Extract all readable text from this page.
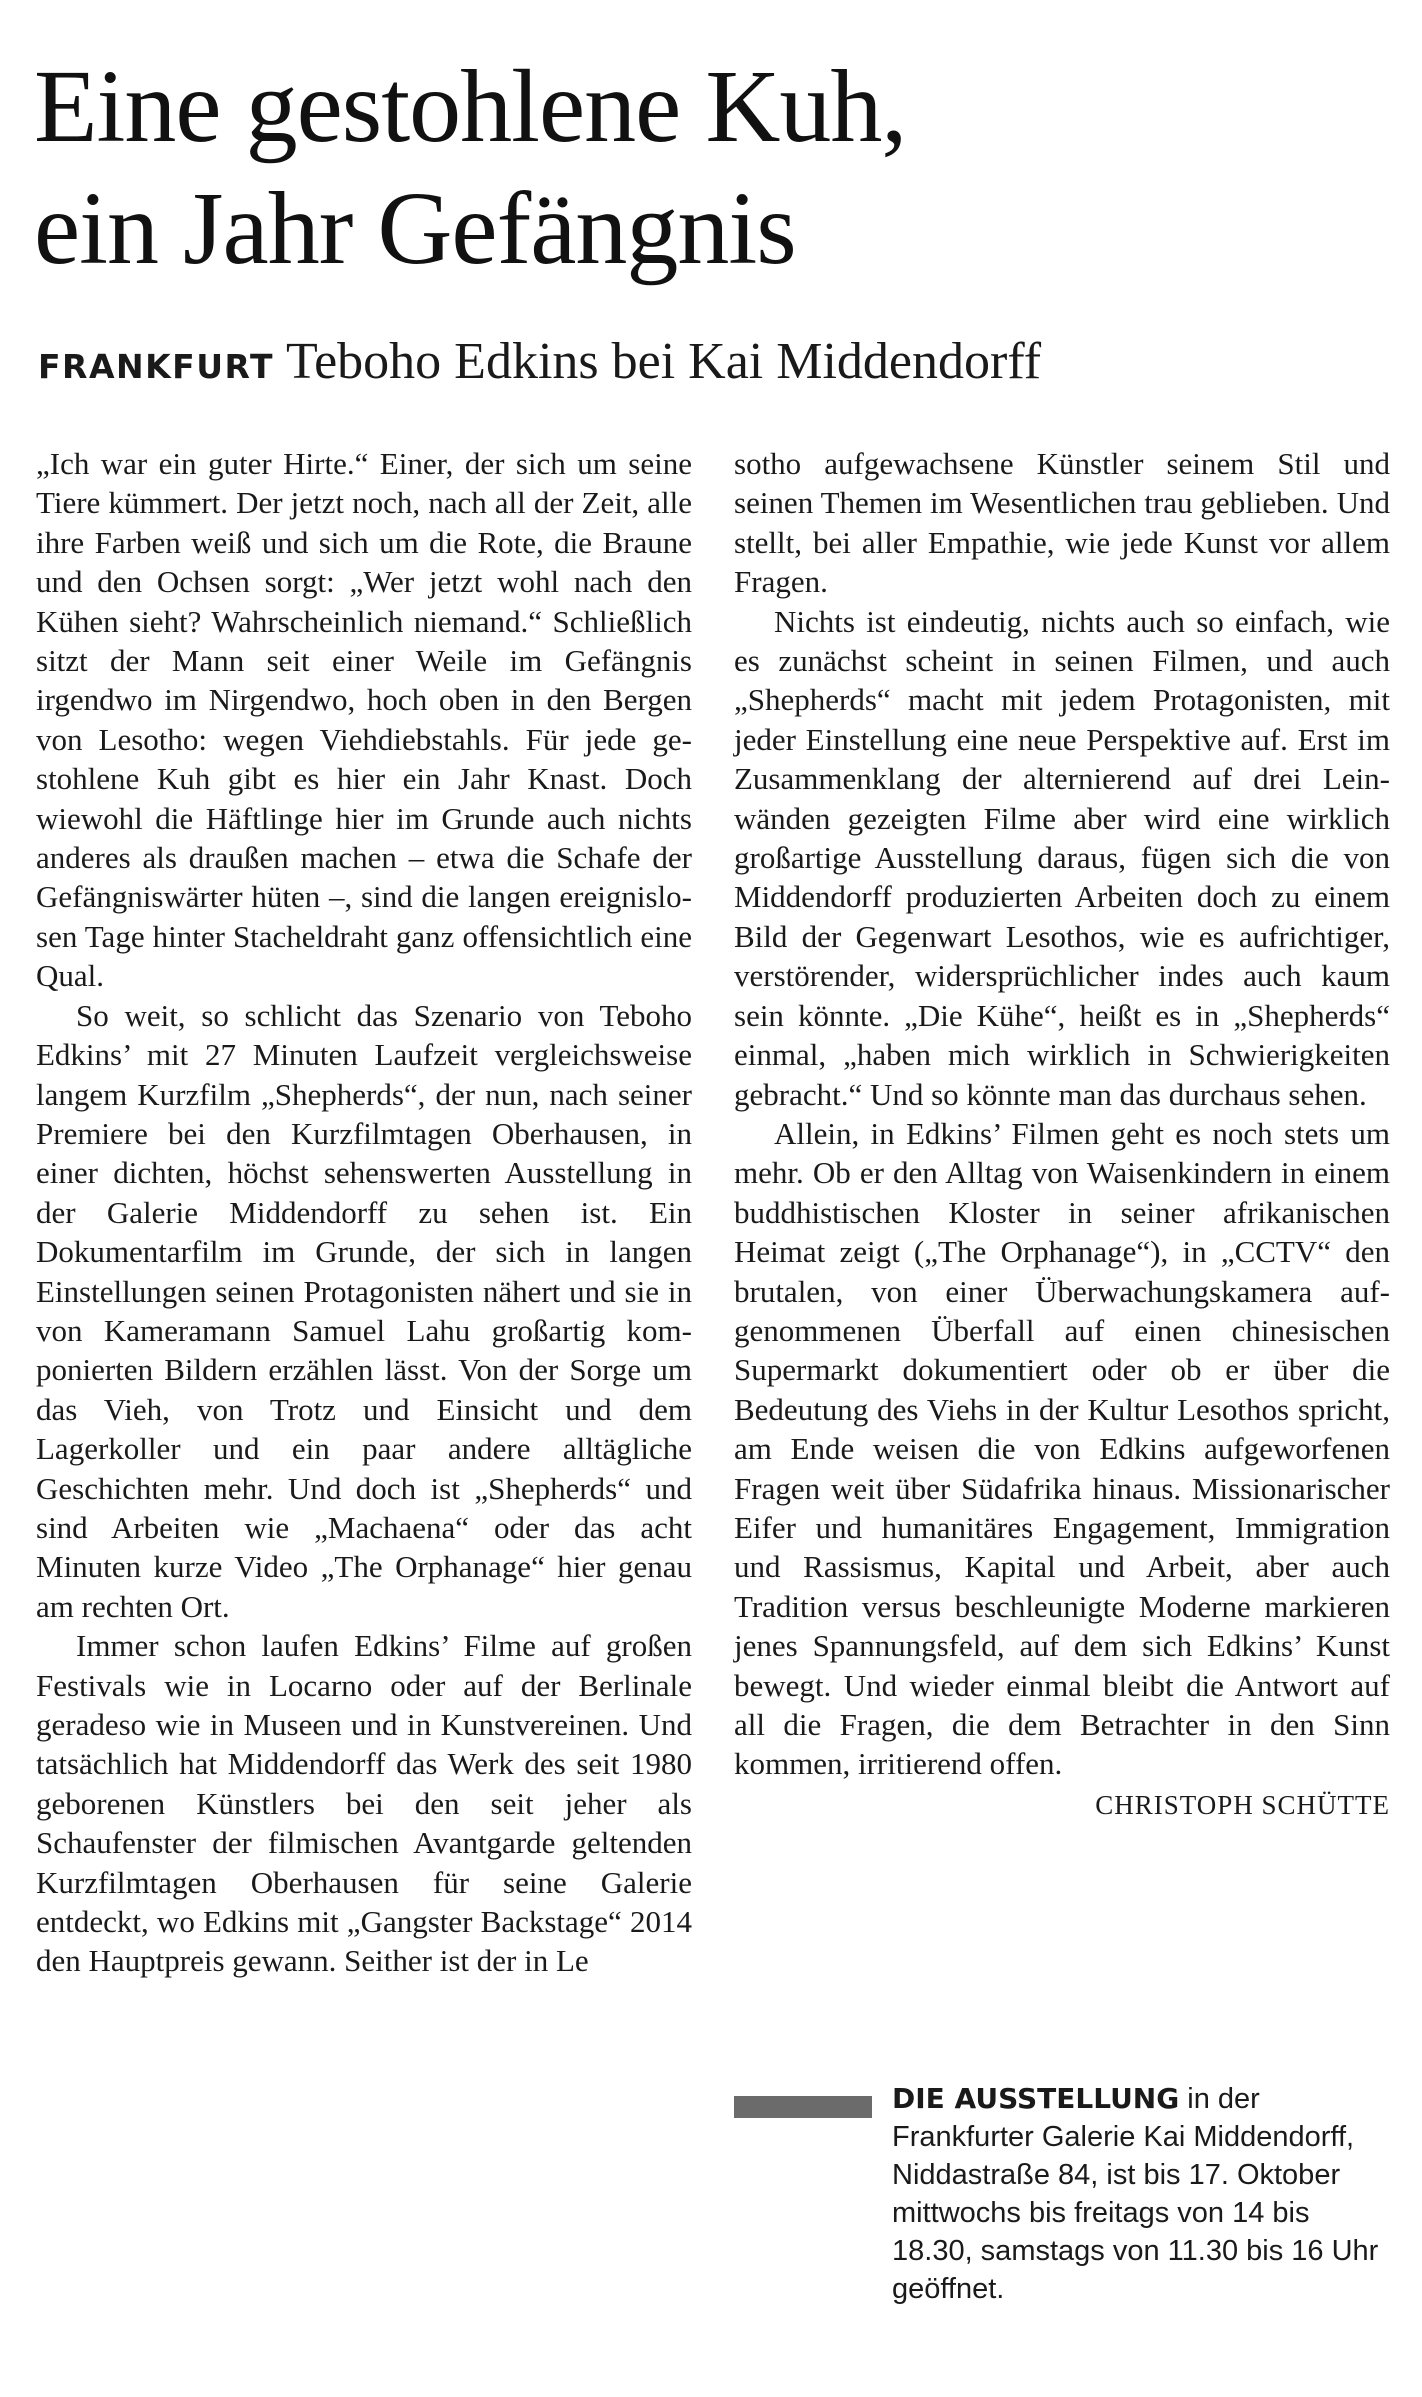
Eine gestohlene Kuh,
ein Jahr Gefängnis
FRANKFURT Teboho Edkins bei Kai Middendorff

„Ich war ein guter Hirte.“ Einer, der sich um seine Tiere kümmert. Der jetzt noch, nach all der Zeit, alle ihre Farben weiß und sich um die Rote, die Braune und den Ochsen sorgt: „Wer jetzt wohl nach den Kühen sieht? Wahrscheinlich niemand.“ Schließlich sitzt der Mann seit einer Weile im Gefängnis irgendwo im Nirgendwo, hoch oben in den Bergen von Lesotho: wegen Viehdiebstahls. Für jede gestohlene Kuh gibt es hier ein Jahr Knast. Doch wiewohl die Häftlinge hier im Grunde auch nichts anderes als draußen machen – etwa die Schafe der Gefängniswärter hüten –, sind die langen ereignislosen Tage hinter Stacheldraht ganz offensichtlich eine Qual.

So weit, so schlicht das Szenario von Teboho Edkins’ mit 27 Minuten Laufzeit vergleichsweise langem Kurzfilm „Shepherds“, der nun, nach seiner Premiere bei den Kurzfilmtagen Oberhausen, in einer dichten, höchst sehenswerten Ausstellung in der Galerie Middendorff zu sehen ist. Ein Dokumentarfilm im Grunde, der sich in langen Einstellungen seinen Protagonisten nähert und sie in von Kameramann Samuel Lahu großartig komponierten Bildern erzählen lässt. Von der Sorge um das Vieh, von Trotz und Einsicht und dem Lagerkoller und ein paar andere alltägliche Geschichten mehr. Und doch ist „Shepherds“ und sind Arbeiten wie „Machaena“ oder das acht Minuten kurze Video „The Orphanage“ hier genau am rechten Ort.

Immer schon laufen Edkins’ Filme auf großen Festivals wie in Locarno oder auf der Berlinale geradeso wie in Museen und in Kunstvereinen. Und tatsächlich hat Middendorff das Werk des seit 1980 geborenen Künstlers bei den seit jeher als Schaufenster der filmischen Avantgarde geltenden Kurzfilmtagen Oberhausen für seine Galerie entdeckt, wo Edkins mit „Gangster Backstage“ 2014 den Hauptpreis gewann. Seither ist der in Le

sotho aufgewachsene Künstler seinem Stil und seinen Themen im Wesentlichen trau geblieben. Und stellt, bei aller Empathie, wie jede Kunst vor allem Fragen.

Nichts ist eindeutig, nichts auch so einfach, wie es zunächst scheint in seinen Filmen, und auch „Shepherds“ macht mit jedem Protagonisten, mit jeder Einstellung eine neue Perspektive auf. Erst im Zusammenklang der alternierend auf drei Leinwänden gezeigten Filme aber wird eine wirklich großartige Ausstellung daraus, fügen sich die von Middendorff produzierten Arbeiten doch zu einem Bild der Gegenwart Lesothos, wie es aufrichtiger, verstörender, widersprüchlicher indes auch kaum sein könnte. „Die Kühe“, heißt es in „Shepherds“ einmal, „haben mich wirklich in Schwierigkeiten gebracht.“ Und so könnte man das durchaus sehen.

Allein, in Edkins’ Filmen geht es noch stets um mehr. Ob er den Alltag von Waisenkindern in einem buddhistischen Kloster in seiner afrikanischen Heimat zeigt („The Orphanage“), in „CCTV“ den brutalen, von einer Überwachungskamera aufgenommenen Überfall auf einen chinesischen Supermarkt dokumentiert oder ob er über die Bedeutung des Viehs in der Kultur Lesothos spricht, am Ende weisen die von Edkins aufgeworfenen Fragen weit über Südafrika hinaus. Missionarischer Eifer und humanitäres Engagement, Immigration und Rassismus, Kapital und Arbeit, aber auch Tradition versus beschleunigte Moderne markieren jenes Spannungsfeld, auf dem sich Edkins’ Kunst bewegt. Und wieder einmal bleibt die Antwort auf all die Fragen, die dem Betrachter in den Sinn kommen, irritierend offen.

CHRISTOPH SCHÜTTE
DIE AUSSTELLUNG in der Frankfurter Galerie Kai Middendorff, Niddastraße 84, ist bis 17. Oktober mittwochs bis freitags von 14 bis 18.30, samstags von 11.30 bis 16 Uhr geöffnet.
